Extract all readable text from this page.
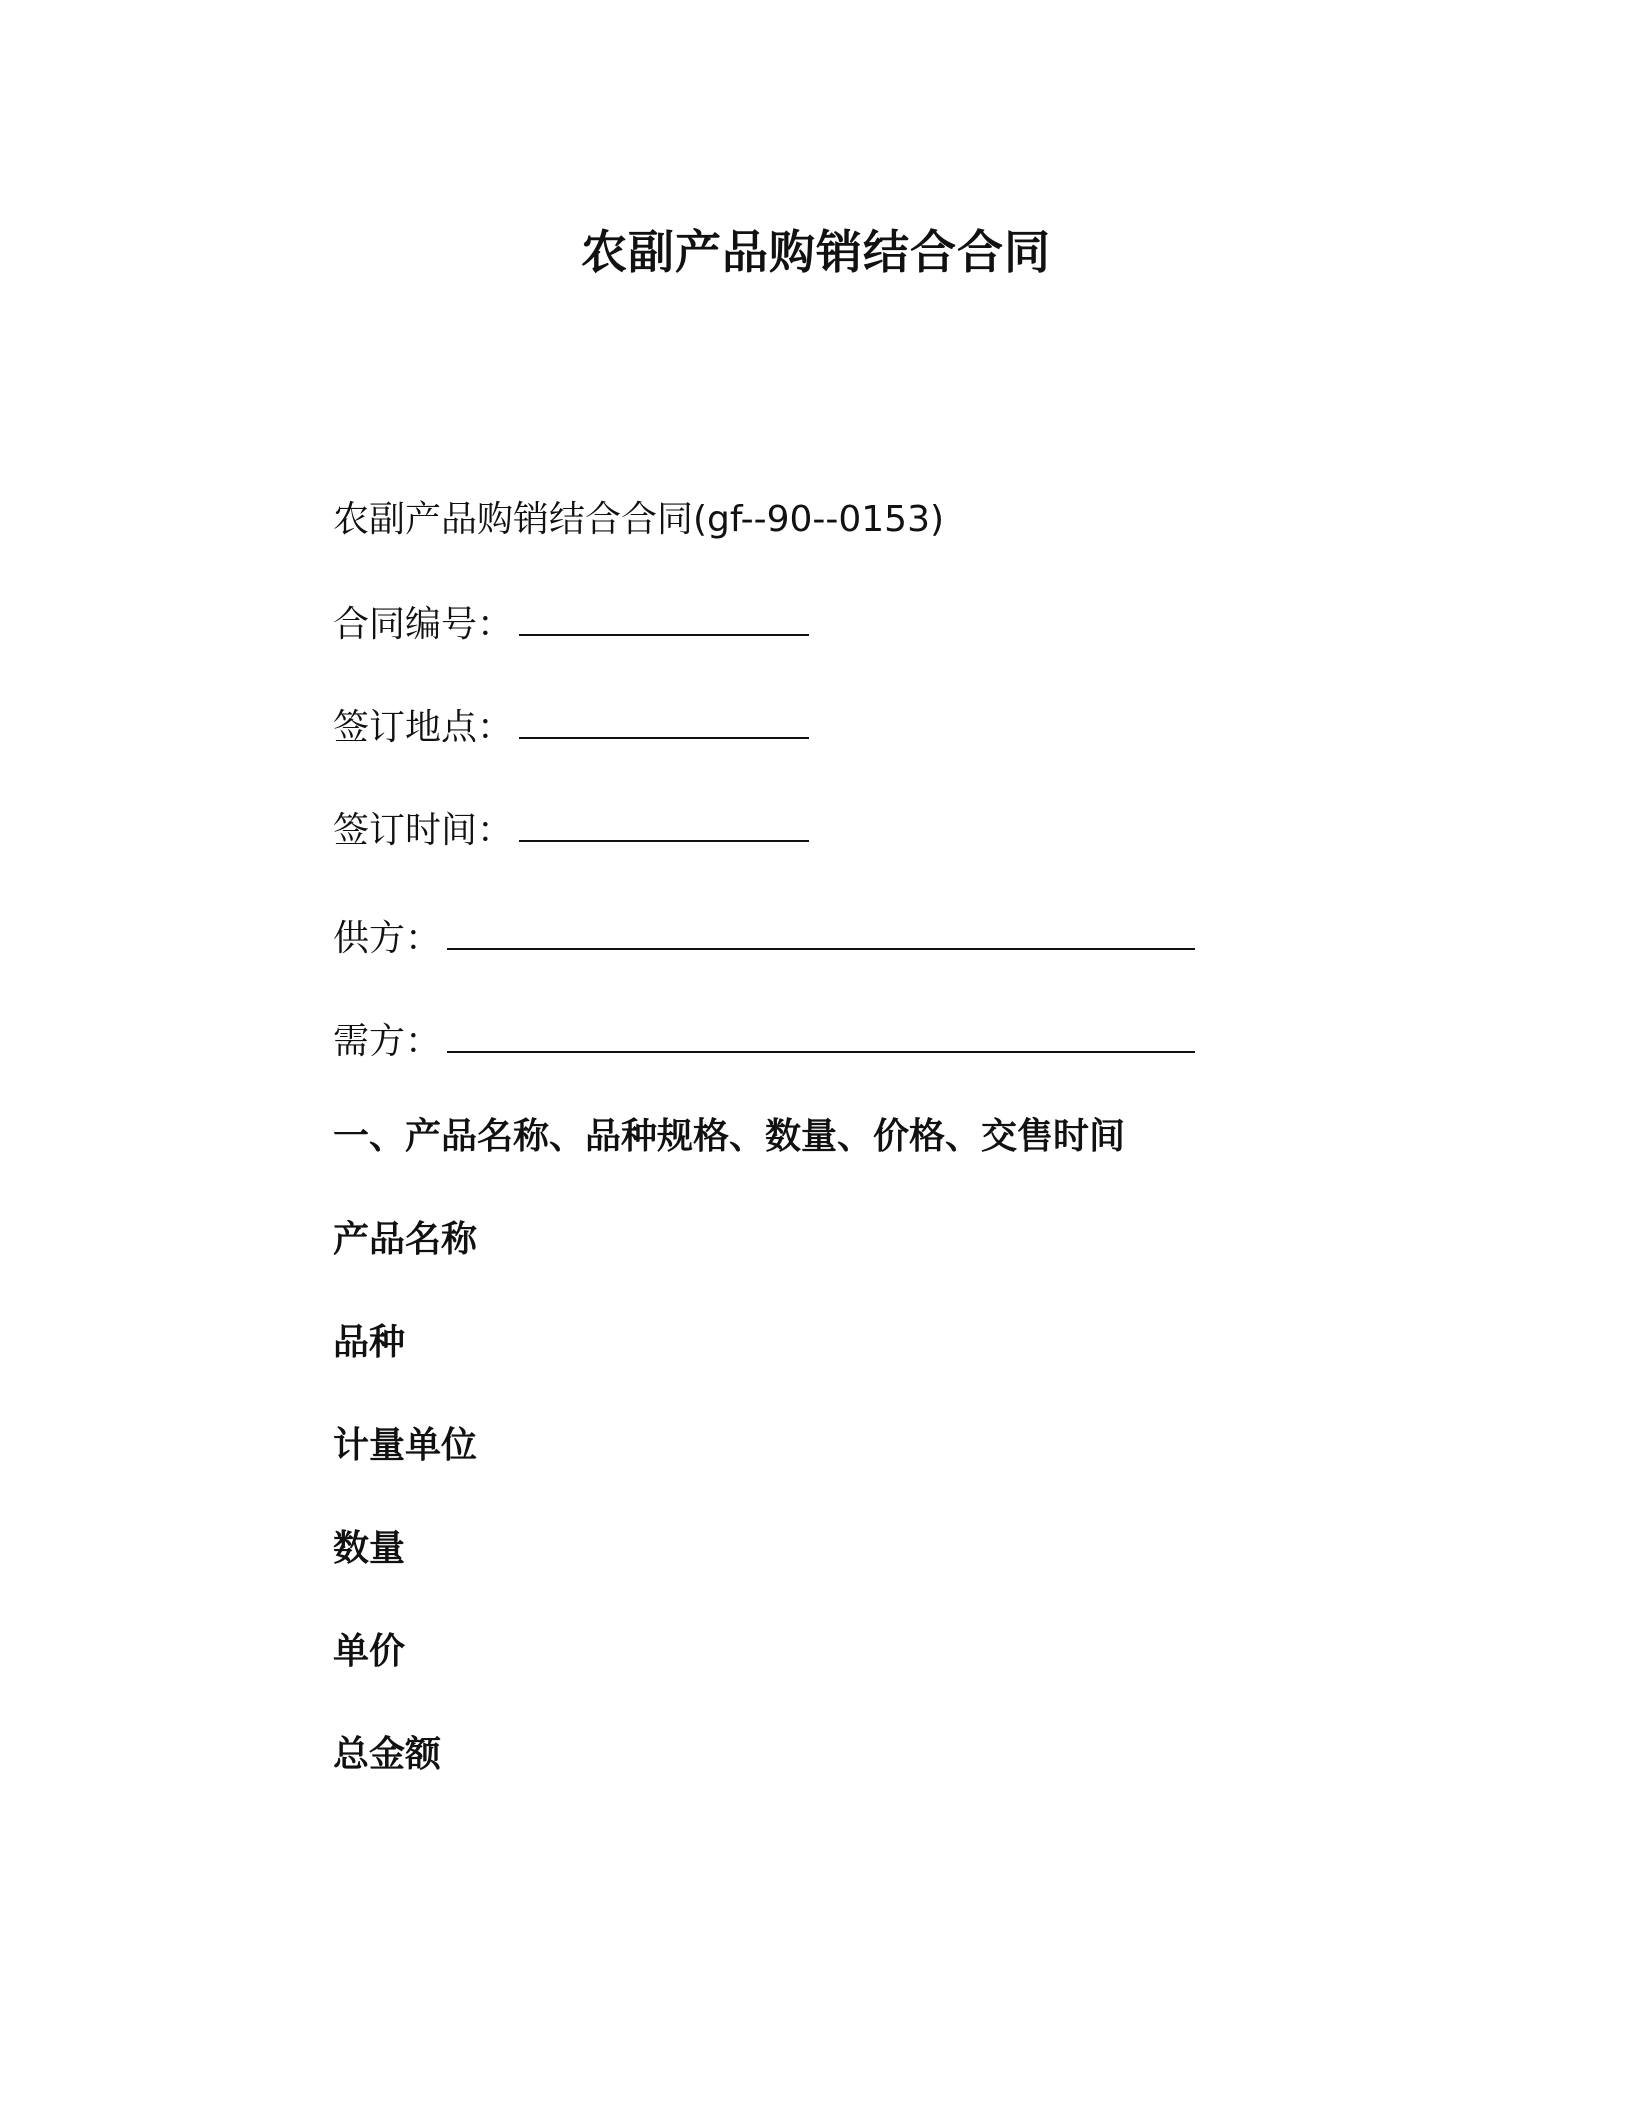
农副产品购销结合合同
农副产品购销结合合同(gf--90--0153)
合同编号：
签订地点：
签订时间：
供方：
需方：
一、产品名称、品种规格、数量、价格、交售时间
产品名称
品种
计量单位
数量
单价
总金额
